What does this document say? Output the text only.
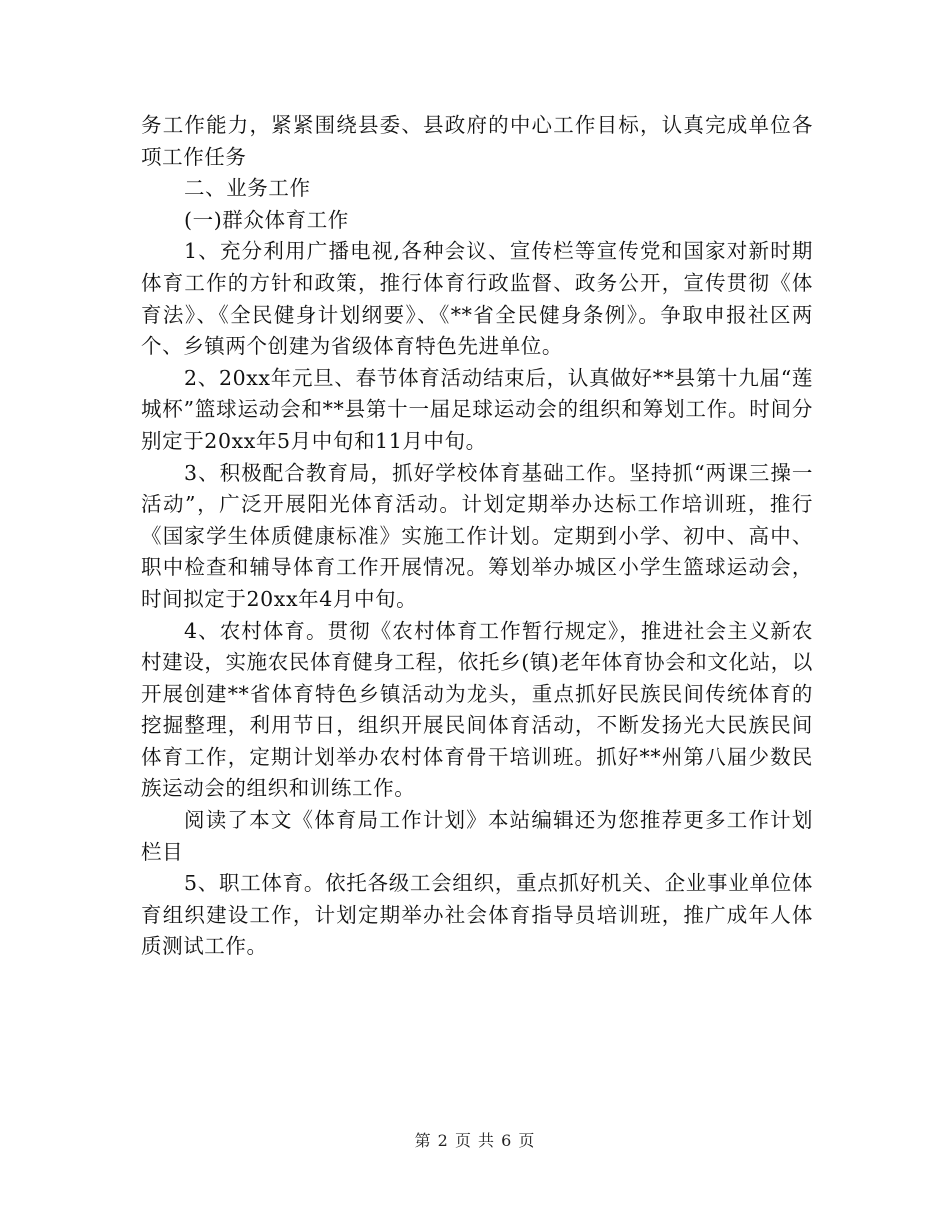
务工作能力，紧紧围绕县委、县政府的中心工作目标，认真完成单位各项工作任务

二、业务工作

(一)群众体育工作

1、充分利用广播电视,各种会议、宣传栏等宣传党和国家对新时期体育工作的方针和政策，推行体育行政监督、政务公开，宣传贯彻《体育法》、《全民健身计划纲要》、《**省全民健身条例》。争取申报社区两个、乡镇两个创建为省级体育特色先进单位。

2、20xx年元旦、春节体育活动结束后，认真做好**县第十九届“莲城杯”篮球运动会和**县第十一届足球运动会的组织和筹划工作。时间分别定于20xx年5月中旬和11月中旬。

3、积极配合教育局，抓好学校体育基础工作。坚持抓“两课三操一活动”，广泛开展阳光体育活动。计划定期举办达标工作培训班，推行《国家学生体质健康标准》实施工作计划。定期到小学、初中、高中、职中检查和辅导体育工作开展情况。筹划举办城区小学生篮球运动会，时间拟定于20xx年4月中旬。

4、农村体育。贯彻《农村体育工作暂行规定》，推进社会主义新农村建设，实施农民体育健身工程，依托乡(镇)老年体育协会和文化站，以开展创建**省体育特色乡镇活动为龙头，重点抓好民族民间传统体育的挖掘整理，利用节日，组织开展民间体育活动，不断发扬光大民族民间体育工作，定期计划举办农村体育骨干培训班。抓好**州第八届少数民族运动会的组织和训练工作。

阅读了本文《体育局工作计划》本站编辑还为您推荐更多工作计划栏目

5、职工体育。依托各级工会组织，重点抓好机关、企业事业单位体育组织建设工作，计划定期举办社会体育指导员培训班，推广成年人体质测试工作。

第 2 页 共 6 页
